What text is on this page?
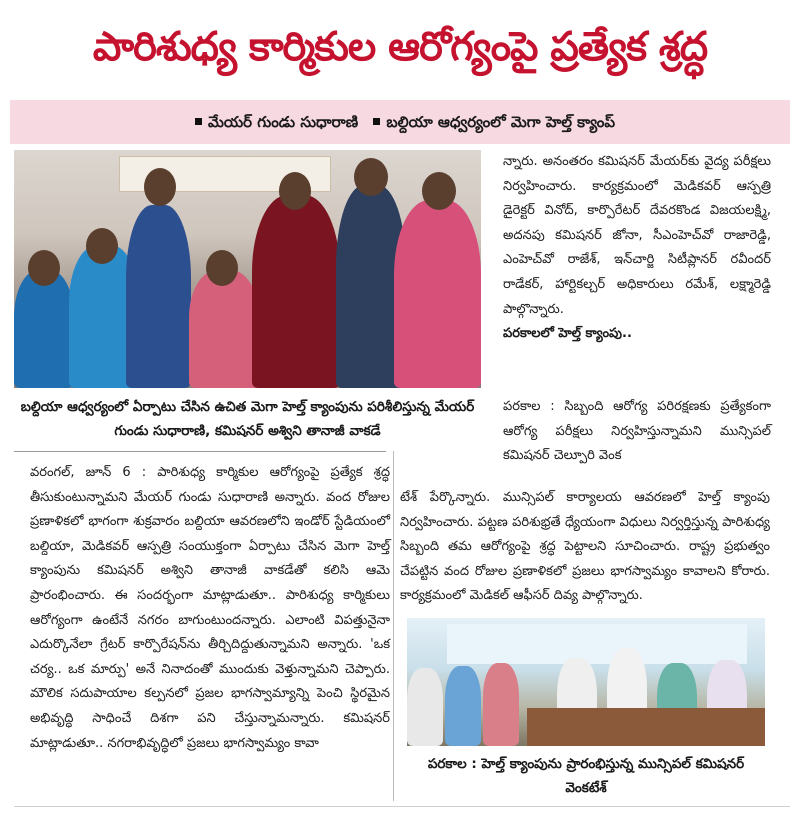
పారిశుధ్య కార్మికుల ఆరోగ్యంపై ప్రత్యేక శ్రద్ధ
మేయర్ గుండు సుధారాణి బల్దియా ఆధ్వర్యంలో మెగా హెల్త్ క్యాంప్
బల్దియా ఆధ్వర్యంలో ఏర్పాటు చేసిన ఉచిత మెగా హెల్త్ క్యాంపును పరిశీలిస్తున్న మేయర్ గుండు సుధారాణి, కమిషనర్ అశ్విని తానాజీ వాకడే
న్నారు. అనంతరం కమిషనర్ మేయర్‌కు వైద్య పరీక్షలు నిర్వహించారు. కార్యక్రమంలో మెడికవర్ ఆస్పత్రి డైరెక్టర్ వినోద్, కార్పొరేటర్ దేవరకొండ విజయలక్ష్మి, అదనపు కమిషనర్ జోనా, సీఎంహెచ్‌వో రాజారెడ్డి, ఎంహెచ్‌వో రాజేశ్, ఇన్‌చార్జి సిటీప్లానర్ రవీందర్ రాడేకర్, హార్టికల్చర్ అధికారులు రమేశ్, లక్ష్మారెడ్డి పాల్గొన్నారు.
పరకాలలో హెల్త్ క్యాంపు..
పరకాల : సిబ్బంది ఆరోగ్య పరిరక్షణకు ప్రత్యేకంగా ఆరోగ్య పరీక్షలు నిర్వహిస్తున్నామని మున్సిపల్ కమిషనర్ చెల్పూరి వెంక
వరంగల్, జూన్ 6 : పారిశుధ్య కార్మికుల ఆరోగ్యంపై ప్రత్యేక శ్రద్ధ తీసుకుంటున్నామని మేయర్ గుండు సుధారాణి అన్నారు. వంద రోజుల ప్రణాళికలో భాగంగా శుక్రవారం బల్దియా ఆవరణలోని ఇండోర్ స్టేడియంలో బల్దియా, మెడికవర్ ఆస్పత్రి సంయుక్తంగా ఏర్పాటు చేసిన మెగా హెల్త్ క్యాంపును కమిషనర్ అశ్విని తానాజీ వాకడేతో కలిసి ఆమె ప్రారంభించారు. ఈ సందర్భంగా మాట్లాడుతూ.. పారిశుధ్య కార్మికులు ఆరోగ్యంగా ఉంటేనే నగరం బాగుంటుందన్నారు. ఎలాంటి విపత్తునైనా ఎదుర్కొనేలా గ్రేటర్ కార్పొరేషన్‌ను తీర్చిదిద్దుతున్నామని అన్నారు. 'ఒక చర్య.. ఒక మార్పు' అనే నినాదంతో ముందుకు వెళ్తున్నామని చెప్పారు. మౌలిక సదుపాయాల కల్పనలో ప్రజల భాగస్వామ్యాన్ని పెంచి స్థిరమైన అభివృద్ధి సాధించే దిశగా పని చేస్తున్నామన్నారు. కమిషనర్ మాట్లాడుతూ.. నగరాభివృద్ధిలో ప్రజలు భాగస్వామ్యం కావా
టేశ్ పేర్కొన్నారు. మున్సిపల్ కార్యాలయ ఆవరణలో హెల్త్ క్యాంపు నిర్వహించారు. పట్టణ పరిశుభ్రతే ధ్యేయంగా విధులు నిర్వర్తిస్తున్న పారిశుధ్య సిబ్బంది తమ ఆరోగ్యంపై శ్రద్ధ పెట్టాలని సూచించారు. రాష్ట్ర ప్రభుత్వం చేపట్టిన వంద రోజుల ప్రణాళికలో ప్రజలు భాగస్వామ్యం కావాలని కోరారు. కార్యక్రమంలో మెడికల్ ఆఫీసర్ దివ్య పాల్గొన్నారు.
పరకాల : హెల్త్ క్యాంపును ప్రారంభిస్తున్న మున్సిపల్ కమిషనర్ వెంకటేశ్
